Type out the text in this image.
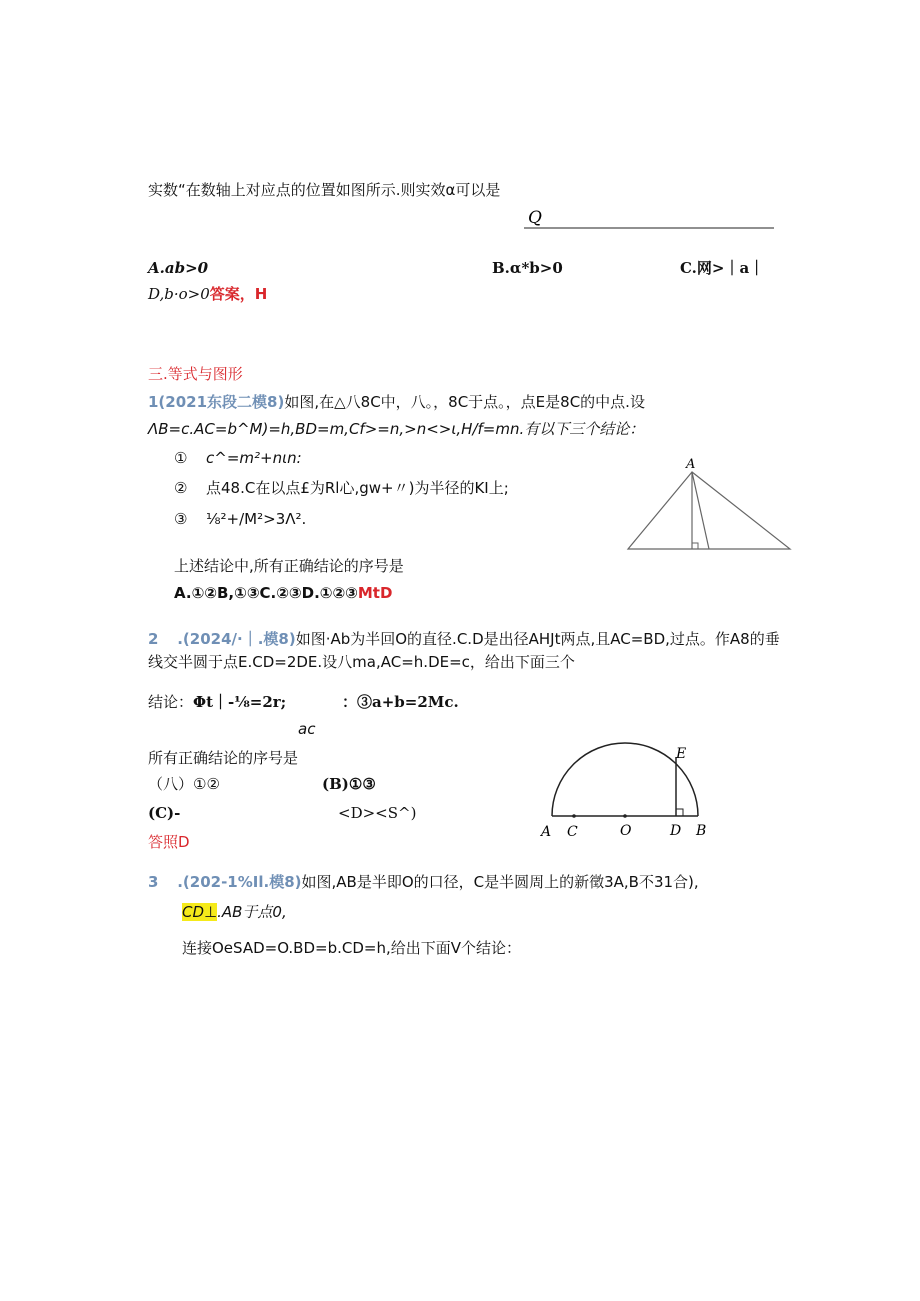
实数“在数轴上对应点的位置如图所示.则实效α可以是
Q
A.ab>0	B.α*b>0	C.网>｜a｜
D,b·o>0答案，H
三.等式与图形
1(2021东段二模8)如图,在△八8C中，八。，8C于点。，点E是8C的中点.设
ΛB=c.AC=b^M)=h,BD=m,Cf>=n,>n<>ι,H/f=mn.有以下三个结论：
① c^=m²+nιn:
② 点48.C在以点£为Rl心,gw+〃)为半径的KI上;
③ ⅛²+/M²>3Λ².
A
上述结论中,所有正确结论的序号是
A.①②B,①③C.②③D.①②③MtD
2 .(2024/·｜.模8)如图·Ab为半回O的直径.C.D是出径AHJt两点,且AC=BD,过点。作A8的垂
线交半圆于点E.CD=2DE.设八ma,AC=h.DE=c，给出下面三个
结论：Φt｜-⅛=2r;	：③a+b=2Mc.
ac
所有正确结论的序号是
（八）①②	(B)①③
(C)-	<D><S^)
答照D
A C	O	D B
E
3 .(202-1%Il.模8)如图,AB是半即O的口径，C是半圆周上的新徵3A,B不31合),
CD⊥.AB于点0,
连接OeSAD=O.BD=b.CD=h,给出下面V个结论：
